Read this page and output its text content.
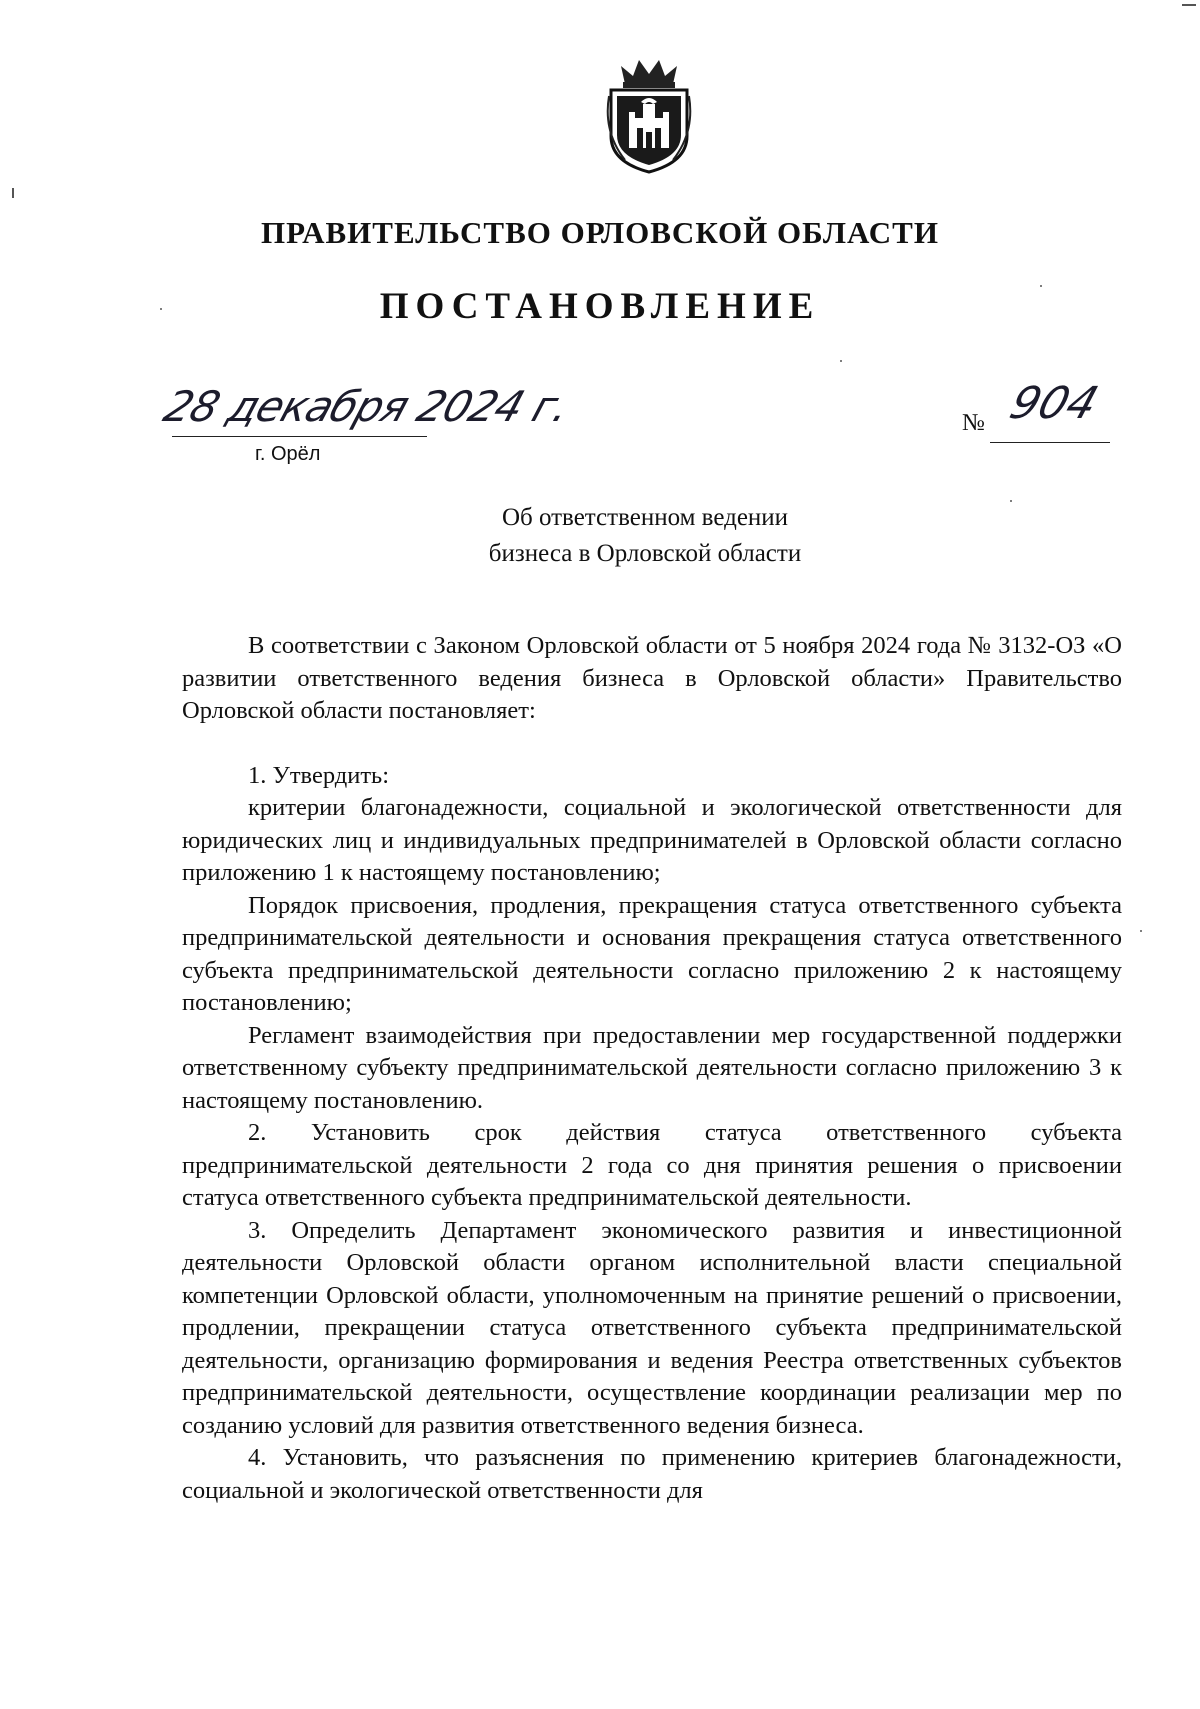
ПРАВИТЕЛЬСТВО ОРЛОВСКОЙ ОБЛАСТИ
ПОСТАНОВЛЕНИЕ
28 декабря 2024 г.
г. Орёл
№ 904
Об ответственном ведении
бизнеса в Орловской области

В соответствии с Законом Орловской области от 5 ноября 2024 года № 3132-ОЗ «О развитии ответственного ведения бизнеса в Орловской области» Правительство Орловской области постановляет:

1. Утвердить:

критерии благонадежности, социальной и экологической ответственности для юридических лиц и индивидуальных предпринимателей в Орловской области согласно приложению 1 к настоящему постановлению;

Порядок присвоения, продления, прекращения статуса ответственного субъекта предпринимательской деятельности и основания прекращения статуса ответственного субъекта предпринимательской деятельности согласно приложению 2 к настоящему постановлению;

Регламент взаимодействия при предоставлении мер государственной поддержки ответственному субъекту предпринимательской деятельности согласно приложению 3 к настоящему постановлению.

2. Установить срок действия статуса ответственного субъекта предпринимательской деятельности 2 года со дня принятия решения о присвоении статуса ответственного субъекта предпринимательской деятельности.

3. Определить Департамент экономического развития и инвестиционной деятельности Орловской области органом исполнительной власти специальной компетенции Орловской области, уполномоченным на принятие решений о присвоении, продлении, прекращении статуса ответственного субъекта предпринимательской деятельности, организацию формирования и ведения Реестра ответственных субъектов предпринимательской деятельности, осуществление координации реализации мер по созданию условий для развития ответственного ведения бизнеса.

4. Установить, что разъяснения по применению критериев благонадежности, социальной и экологической ответственности для
